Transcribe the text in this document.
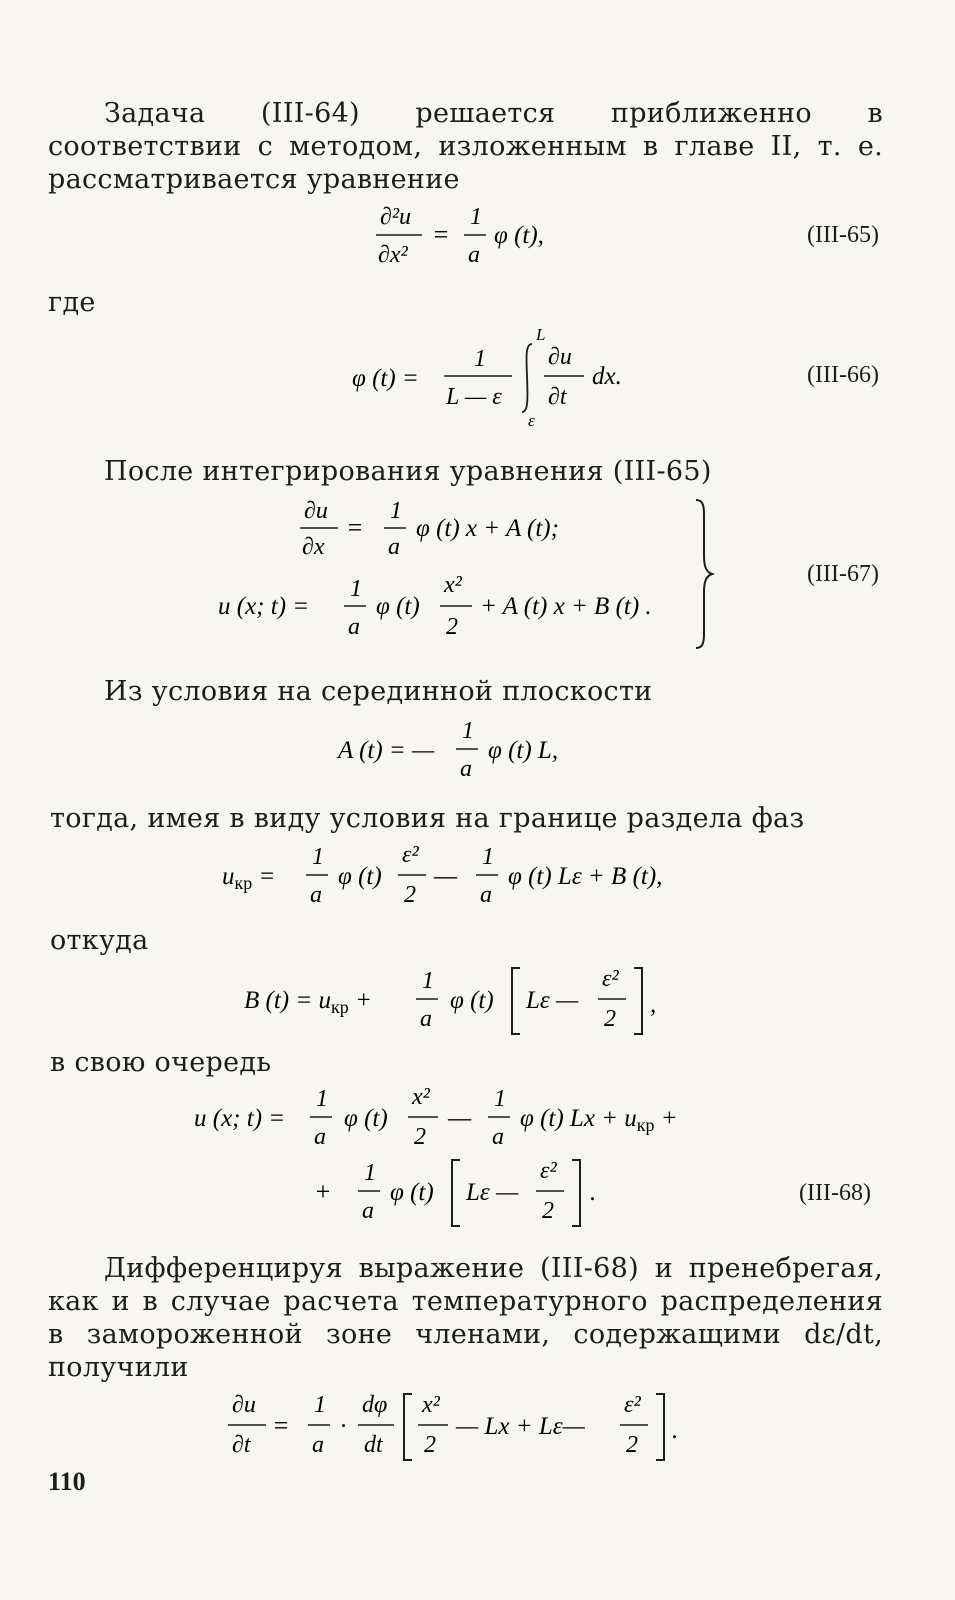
Задача (III-64) решается приближенно в соответствии с методом, изложенным в главе II, т. е. рассматривается уравнение

∂²u
∂x²
=
1
a
φ (t),	(III-65)
где
φ (t) =
1
L — ε
L
ε
∂u
∂t
dx.	(III-66)
После интегрирования уравнения (III-65)
∂u
∂x
=
1
a
φ (t) x + A (t);
u (x; t) =
1
a
φ (t)
x²
2
+ A (t) x + B (t) .
(III-67)
Из условия на серединной плоскости
A (t) = —
1
a
φ (t) L,
тогда, имея в виду условия на границе раздела фаз
$u_{кр}$ =
1
a
φ (t)
ε²
2
—
1
a
φ (t) Lε + B (t),
откуда
B $(t) = u_{кр}$ +
1
a
φ (t) Lε —
ε²
2
,
в свою очередь
u (x; t) =
1
a
φ (t)
x²
2
—
1
a
φ (t) $Lx + u_{кр}$ +
+
1
a
φ (t) Lε —
ε²
2
.	(III-68)

Дифференцируя выражение (III-68) и пренебрегая, как и в случае расчета температурного распределения в замороженной зоне членами, содержащими dε/dt, получили

∂u
∂t
=
1
a
·
dφ
dt
x²
2
— Lx + Lε—
ε²
2
.
110
